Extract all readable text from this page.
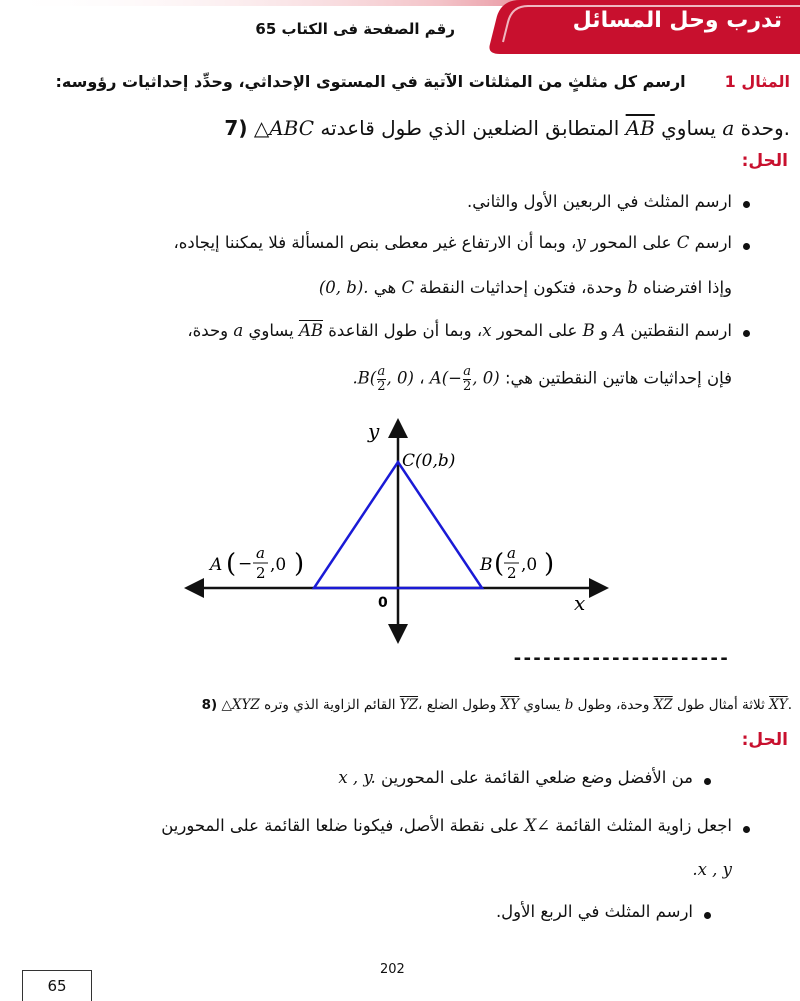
رقم الصفحة فى الكتاب 65	تدرب وحل المسائل
المثال 1       ارسم كل مثلثٍ من المثلثات الآتية في المستوى الإحداثي، وحدِّد إحداثيات رؤوسه:
7) △ABC المتطابق الضلعين الذي طول قاعدته AB يساوي a وحدة.
الحل:
ارسم المثلث في الربعين الأول والثاني.
ارسم C على المحور y، وبما أن الارتفاع غير معطى بنص المسألة فلا يمكننا إيجاده،
وإذا افترضناه b وحدة، فتكون إحداثيات النقطة C هي (0, b).
ارسم النقطتين A و B على المحور x، وبما أن طول القاعدة AB يساوي a وحدة،
فإن إحداثيات هاتين النقطتين هي: $A(- \frac{a}{2}$ , 0) ، $.B( \frac{a}{2}$ , 0)
y
x
0
C(0,b)
A ( −
a
2 ,0 )	B ( a
2 ,0 )
----------------------
8) △XYZ القائم الزاوية الذي وتره YZ، وطول الضلع XY يساوي b وحدة، وطول XZ ثلاثة أمثال طول XY.
الحل:
من الأفضل وضع ضلعي القائمة على المحورين x , y.
اجعل زاوية المثلث القائمة ∠X على نقطة الأصل، فيكونا ضلعا القائمة على المحورين
.x , y
ارسم المثلث في الربع الأول.
202
65
